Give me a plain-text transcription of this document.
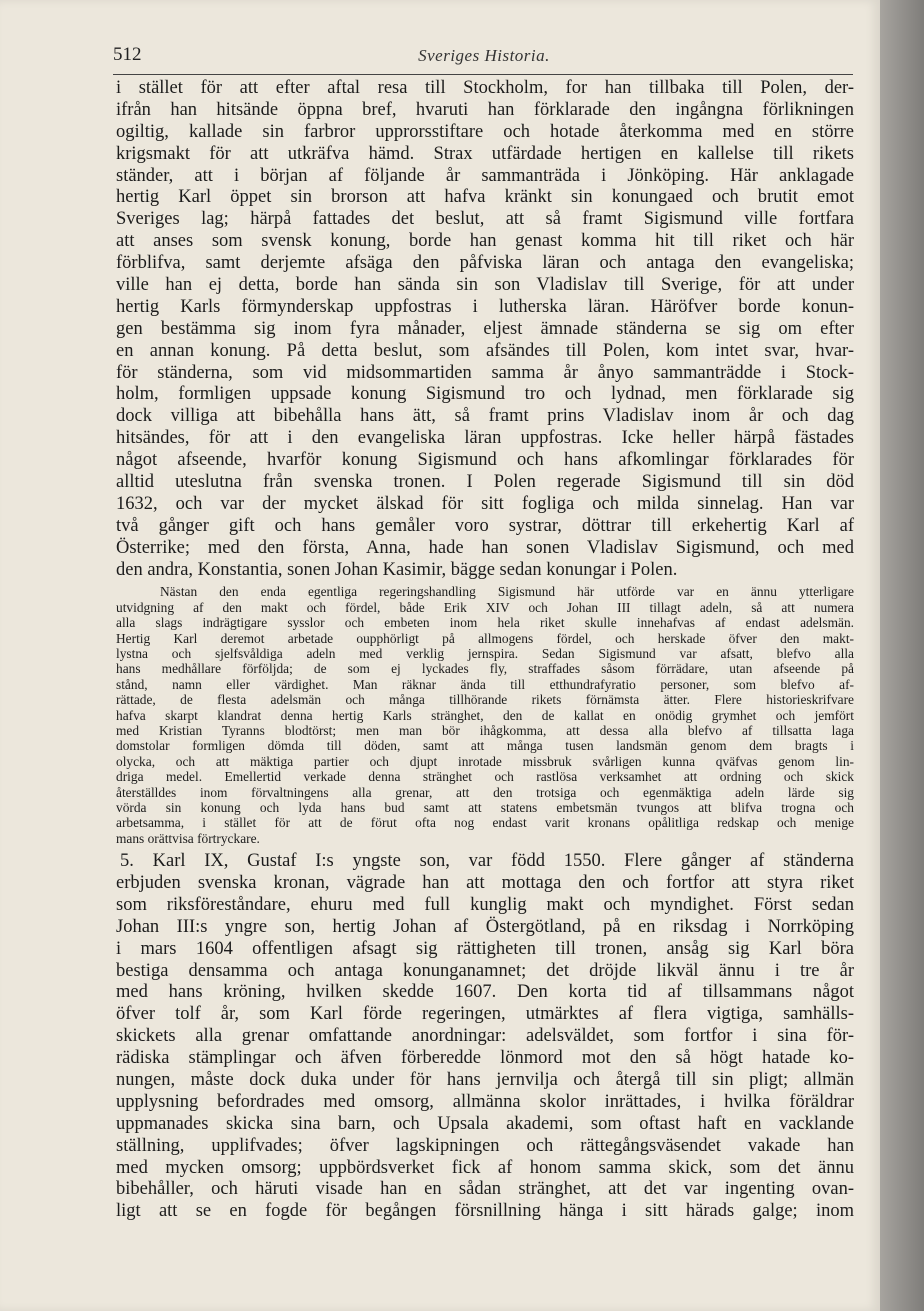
512	Sveriges Historia.
i stället för att efter aftal resa till Stockholm, for han tillbaka till Polen, der-
ifrån han hitsände öppna bref, hvaruti han förklarade den ingångna förlikningen
ogiltig, kallade sin farbror upprorsstiftare och hotade återkomma med en större
krigsmakt för att utkräfva hämd. Strax utfärdade hertigen en kallelse till rikets
ständer, att i början af följande år sammanträda i Jönköping. Här anklagade
hertig Karl öppet sin brorson att hafva kränkt sin konungaed och brutit emot
Sveriges lag; härpå fattades det beslut, att så framt Sigismund ville fortfara
att anses som svensk konung, borde han genast komma hit till riket och här
förblifva, samt derjemte afsäga den påfviska läran och antaga den evangeliska;
ville han ej detta, borde han sända sin son Vladislav till Sverige, för att under
hertig Karls förmynderskap uppfostras i lutherska läran. Häröfver borde konun-
gen bestämma sig inom fyra månader, eljest ämnade ständerna se sig om efter
en annan konung. På detta beslut, som afsändes till Polen, kom intet svar, hvar-
för ständerna, som vid midsommartiden samma år ånyo sammanträdde i Stock-
holm, formligen uppsade konung Sigismund tro och lydnad, men förklarade sig
dock villiga att bibehålla hans ätt, så framt prins Vladislav inom år och dag
hitsändes, för att i den evangeliska läran uppfostras. Icke heller härpå fästades
något afseende, hvarför konung Sigismund och hans afkomlingar förklarades för
alltid uteslutna från svenska tronen. I Polen regerade Sigismund till sin död
1632, och var der mycket älskad för sitt fogliga och milda sinnelag. Han var
två gånger gift och hans gemåler voro systrar, döttrar till erkehertig Karl af
Österrike; med den första, Anna, hade han sonen Vladislav Sigismund, och med
den andra, Konstantia, sonen Johan Kasimir, bägge sedan konungar i Polen.
Nästan den enda egentliga regeringshandling Sigismund här utförde var en ännu ytterligare
utvidgning af den makt och fördel, både Erik XIV och Johan III tillagt adeln, så att numera
alla slags indrägtigare sysslor och embeten inom hela riket skulle innehafvas af endast adelsmän.
Hertig Karl deremot arbetade oupphörligt på allmogens fördel, och herskade öfver den makt-
lystna och sjelfsvåldiga adeln med verklig jernspira. Sedan Sigismund var afsatt, blefvo alla
hans medhållare förföljda; de som ej lyckades fly, straffades såsom förrädare, utan afseende på
stånd, namn eller värdighet. Man räknar ända till etthundrafyratio personer, som blefvo af-
rättade, de flesta adelsmän och många tillhörande rikets förnämsta ätter. Flere historieskrifvare
hafva skarpt klandrat denna hertig Karls stränghet, den de kallat en onödig grymhet och jemfört
med Kristian Tyranns blodtörst; men man bör ihågkomma, att dessa alla blefvo af tillsatta laga
domstolar formligen dömda till döden, samt att många tusen landsmän genom dem bragts i
olycka, och att mäktiga partier och djupt inrotade missbruk svårligen kunna qväfvas genom lin-
driga medel. Emellertid verkade denna stränghet och rastlösa verksamhet att ordning och skick
återställdes inom förvaltningens alla grenar, att den trotsiga och egenmäktiga adeln lärde sig
vörda sin konung och lyda hans bud samt att statens embetsmän tvungos att blifva trogna och
arbetsamma, i stället för att de förut ofta nog endast varit kronans opålitliga redskap och menige
mans orättvisa förtryckare.
5. Karl IX, Gustaf I:s yngste son, var född 1550. Flere gånger af ständerna
erbjuden svenska kronan, vägrade han att mottaga den och fortfor att styra riket
som riksföreståndare, ehuru med full kunglig makt och myndighet. Först sedan
Johan III:s yngre son, hertig Johan af Östergötland, på en riksdag i Norrköping
i mars 1604 offentligen afsagt sig rättigheten till tronen, ansåg sig Karl böra
bestiga densamma och antaga konunganamnet; det dröjde likväl ännu i tre år
med hans kröning, hvilken skedde 1607. Den korta tid af tillsammans något
öfver tolf år, som Karl förde regeringen, utmärktes af flera vigtiga, samhälls-
skickets alla grenar omfattande anordningar: adelsväldet, som fortfor i sina för-
rädiska stämplingar och äfven förberedde lönmord mot den så högt hatade ko-
nungen, måste dock duka under för hans jernvilja och återgå till sin pligt; allmän
upplysning befordrades med omsorg, allmänna skolor inrättades, i hvilka föräldrar
uppmanades skicka sina barn, och Upsala akademi, som oftast haft en vacklande
ställning, upplifvades; öfver lagskipningen och rättegångsväsendet vakade han
med mycken omsorg; uppbördsverket fick af honom samma skick, som det ännu
bibehåller, och häruti visade han en sådan stränghet, att det var ingenting ovan-
ligt att se en fogde för begången försnillning hänga i sitt härads galge; inom
